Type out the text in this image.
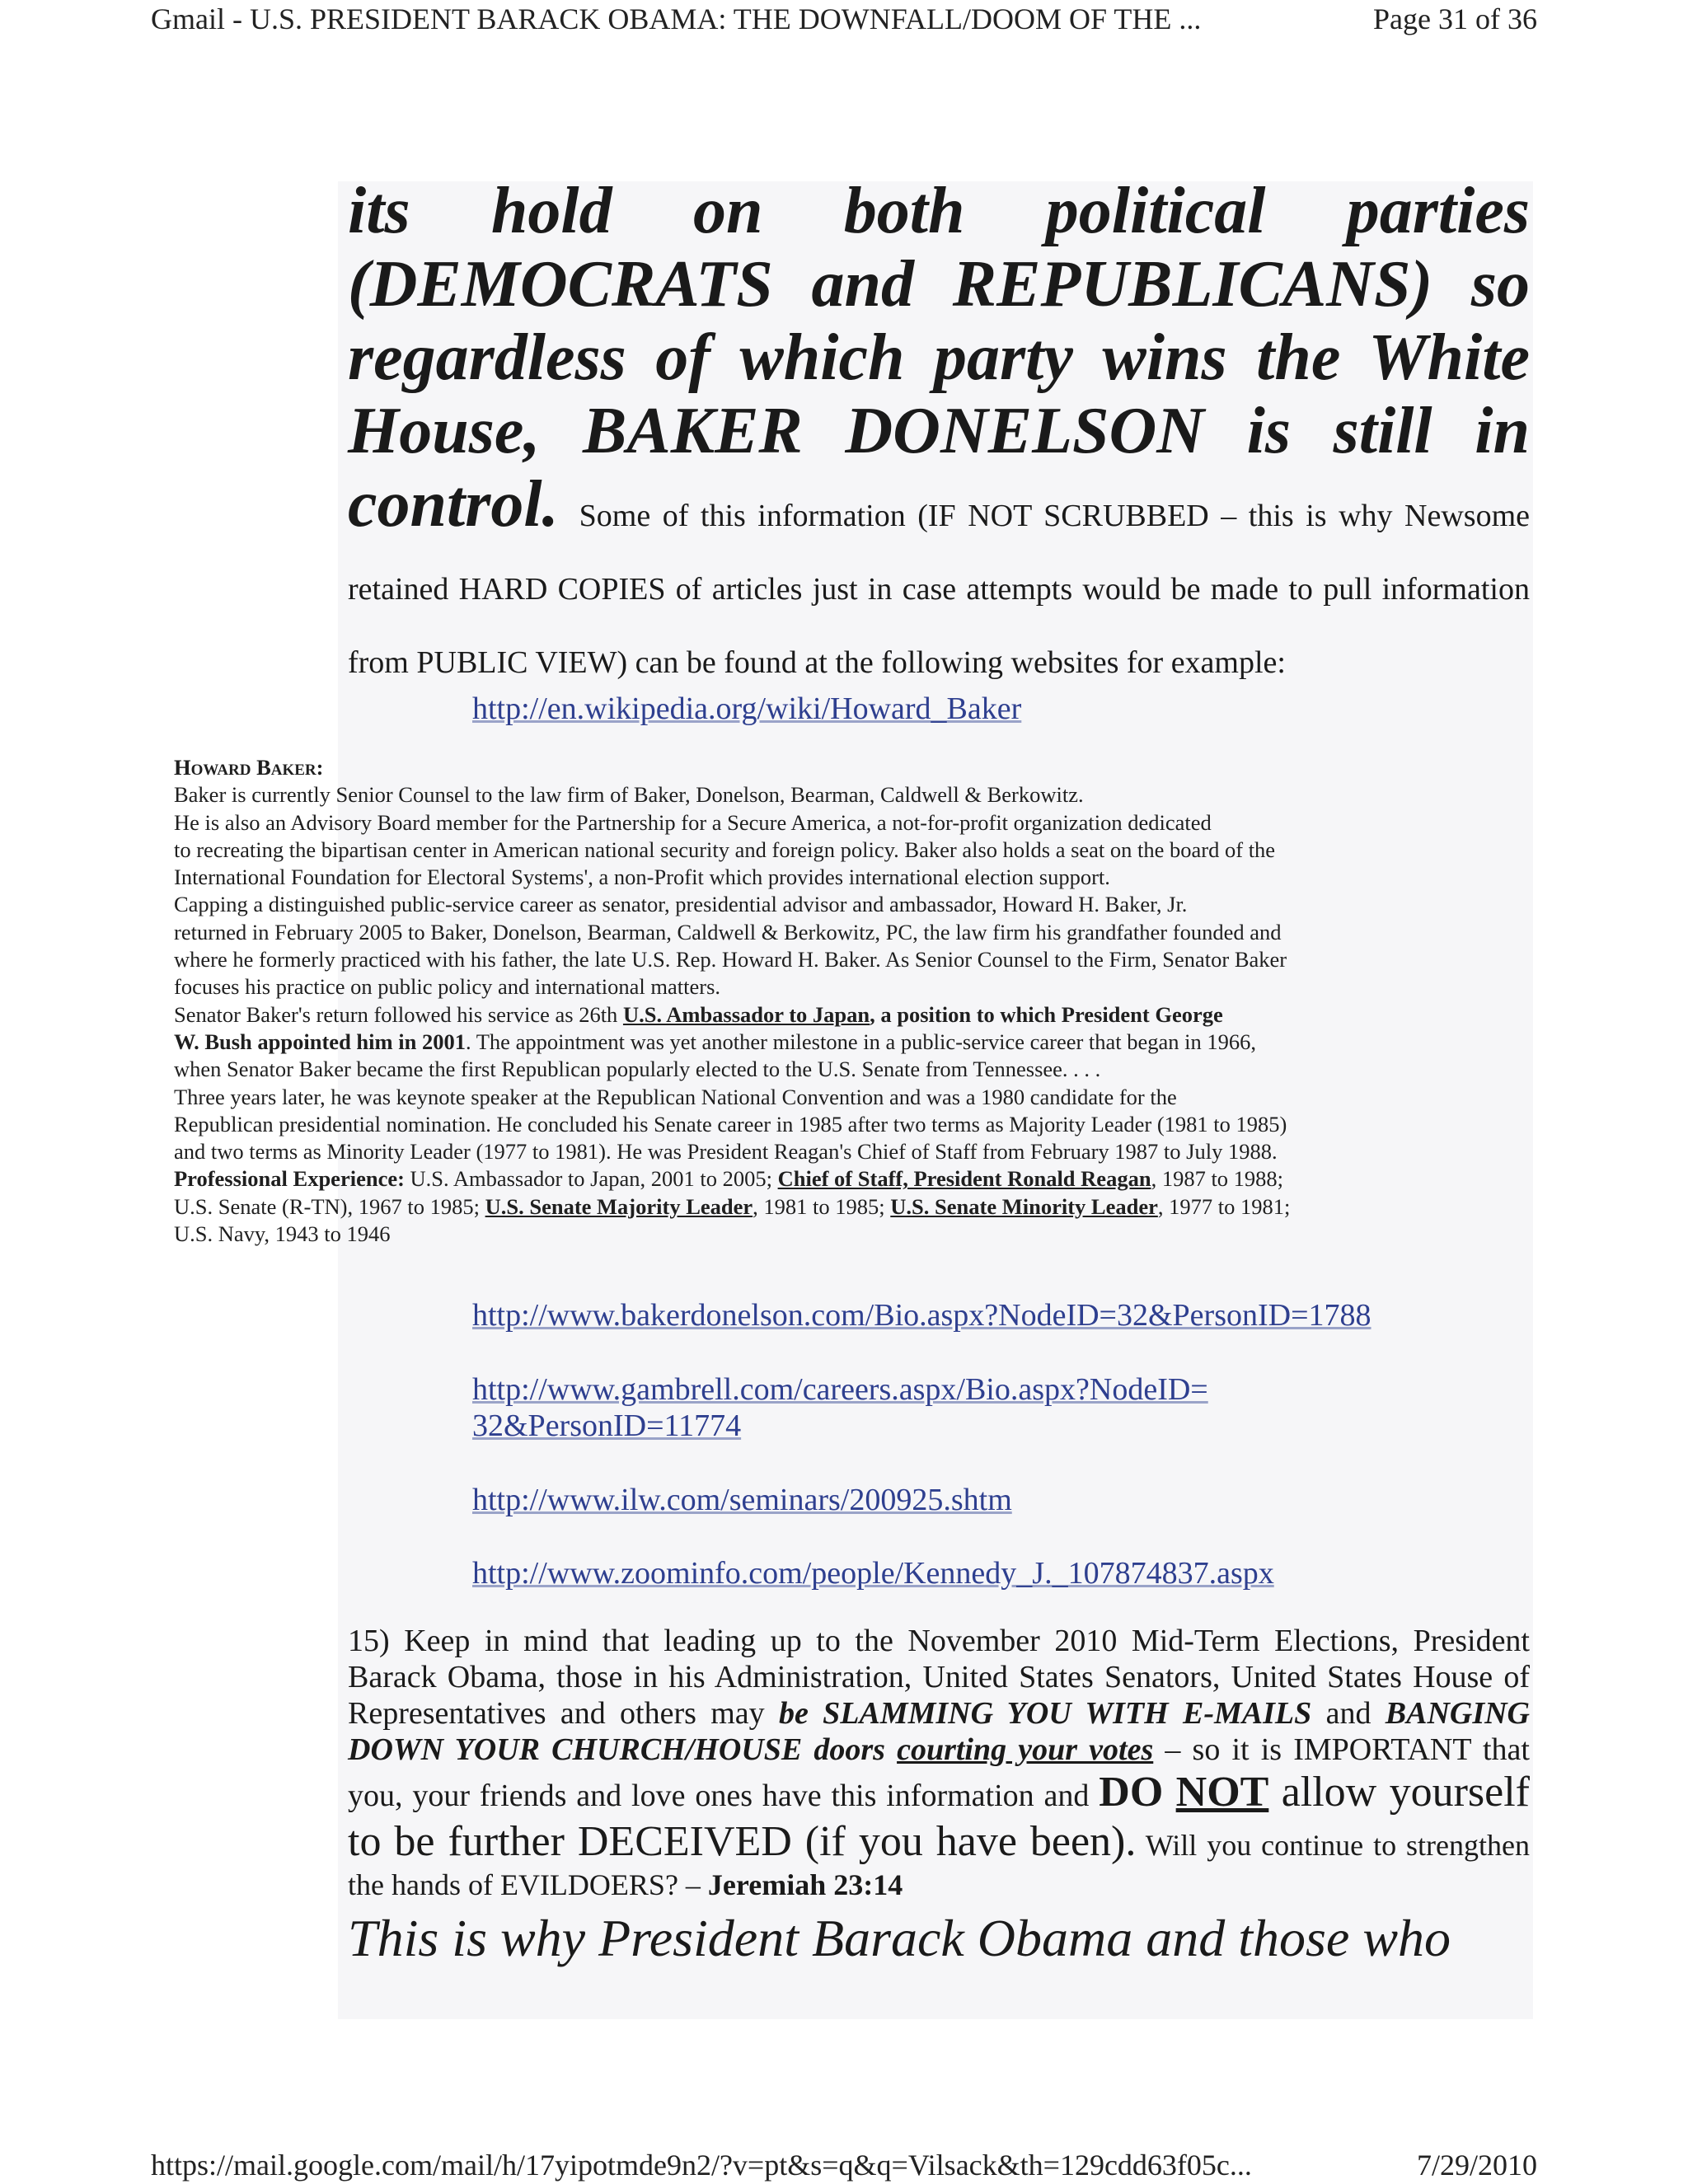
Gmail - U.S. PRESIDENT BARACK OBAMA: THE DOWNFALL/DOOM OF THE ...	Page 31 of 36
its hold on both political parties (DEMOCRATS and REPUBLICANS) so regardless of which party wins the White House, BAKER DONELSON is still in control. Some of this information (IF NOT SCRUBBED – this is why Newsome retained HARD COPIES of articles just in case attempts would be made to pull information from PUBLIC VIEW) can be found at the following websites for example:
http://en.wikipedia.org/wiki/Howard_Baker
Howard Baker:
Baker is currently Senior Counsel to the law firm of Baker, Donelson, Bearman, Caldwell & Berkowitz.
He is also an Advisory Board member for the Partnership for a Secure America, a not-for-profit organization dedicated
to recreating the bipartisan center in American national security and foreign policy. Baker also holds a seat on the board of the
International Foundation for Electoral Systems', a non-Profit which provides international election support.
Capping a distinguished public-service career as senator, presidential advisor and ambassador, Howard H. Baker, Jr.
returned in February 2005 to Baker, Donelson, Bearman, Caldwell & Berkowitz, PC, the law firm his grandfather founded and
where he formerly practiced with his father, the late U.S. Rep. Howard H. Baker. As Senior Counsel to the Firm, Senator Baker
focuses his practice on public policy and international matters.
Senator Baker's return followed his service as 26th U.S. Ambassador to Japan, a position to which President George
W. Bush appointed him in 2001. The appointment was yet another milestone in a public-service career that began in 1966,
when Senator Baker became the first Republican popularly elected to the U.S. Senate from Tennessee. . . .
Three years later, he was keynote speaker at the Republican National Convention and was a 1980 candidate for the
Republican presidential nomination. He concluded his Senate career in 1985 after two terms as Majority Leader (1981 to 1985)
and two terms as Minority Leader (1977 to 1981). He was President Reagan's Chief of Staff from February 1987 to July 1988.
Professional Experience: U.S. Ambassador to Japan, 2001 to 2005; Chief of Staff, President Ronald Reagan, 1987 to 1988;
U.S. Senate (R-TN), 1967 to 1985; U.S. Senate Majority Leader, 1981 to 1985; U.S. Senate Minority Leader, 1977 to 1981;
U.S. Navy, 1943 to 1946
http://www.bakerdonelson.com/Bio.aspx?NodeID=32&PersonID=1788
http://www.gambrell.com/careers.aspx/Bio.aspx?NodeID=
32&PersonID=11774
http://www.ilw.com/seminars/200925.shtm
http://www.zoominfo.com/people/Kennedy_J._107874837.aspx
15) Keep in mind that leading up to the November 2010 Mid-Term Elections, President Barack Obama, those in his Administration, United States Senators, United States House of Representatives and others may be SLAMMING YOU WITH E-MAILS and BANGING DOWN YOUR CHURCH/HOUSE doors courting your votes – so it is IMPORTANT that you, your friends and love ones have this information and DO NOT allow yourself to be further DECEIVED (if you have been). Will you continue to strengthen the hands of EVILDOERS? – Jeremiah 23:14
This is why President Barack Obama and those who
https://mail.google.com/mail/h/17yipotmde9n2/?v=pt&s=q&q=Vilsack&th=129cdd63f05c...	7/29/2010
